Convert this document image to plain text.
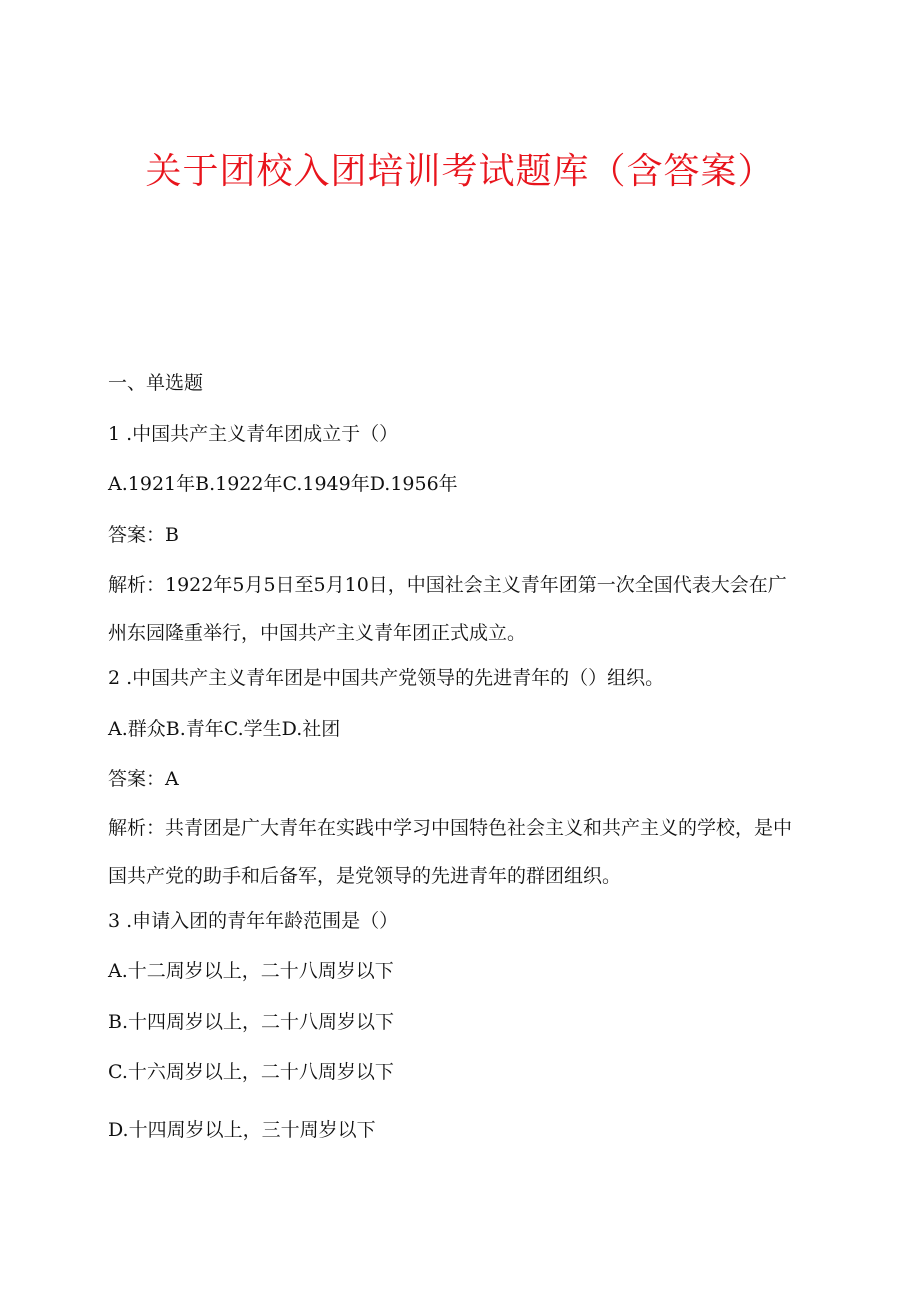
关于团校入团培训考试题库（含答案）
一、单选题
1 .中国共产主义青年团成立于（）
A.1921年B.1922年C.1949年D.1956年
答案：B
解析：1922年5月5日至5月10日，中国社会主义青年团第一次全国代表大会在广州东园隆重举行，中国共产主义青年团正式成立。
2 .中国共产主义青年团是中国共产党领导的先进青年的（）组织。
A.群众B.青年C.学生D.社团
答案：A
解析：共青团是广大青年在实践中学习中国特色社会主义和共产主义的学校，是中国共产党的助手和后备军，是党领导的先进青年的群团组织。
3 .申请入团的青年年龄范围是（）
A.十二周岁以上，二十八周岁以下
B.十四周岁以上，二十八周岁以下
C.十六周岁以上，二十八周岁以下
D.十四周岁以上，三十周岁以下
